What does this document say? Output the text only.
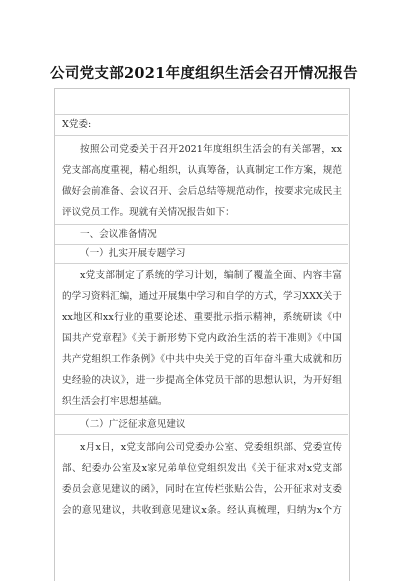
公司党支部2021年度组织生活会召开情况报告
X党委:
按照公司党委关于召开2021年度组织生活会的有关部署，xx
党支部高度重视，精心组织，认真筹备，认真制定工作方案，规范
做好会前准备、会议召开、会后总结等规范动作，按要求完成民主
评议党员工作。现就有关情况报告如下：
一、会议准备情况
（一）扎实开展专题学习
x党支部制定了系统的学习计划，编制了覆盖全面、内容丰富
的学习资料汇编，通过开展集中学习和自学的方式，学习XXX关于
xx地区和xx行业的重要论述、重要批示指示精神，系统研读《中
国共产党章程》《关于新形势下党内政治生活的若干准则》《中国
共产党组织工作条例》《中共中央关于党的百年奋斗重大成就和历
史经验的决议》，进一步提高全体党员干部的思想认识，为开好组
织生活会打牢思想基础。
（二）广泛征求意见建议
x月x日，x党支部向公司党委办公室、党委组织部、党委宣传
部、纪委办公室及x家兄弟单位党组织发出《关于征求对x党支部
委员会意见建议的函》，同时在宣传栏张贴公告，公开征求对支委
会的意见建议，共收到意见建议x条。经认真梳理，归纳为x个方
